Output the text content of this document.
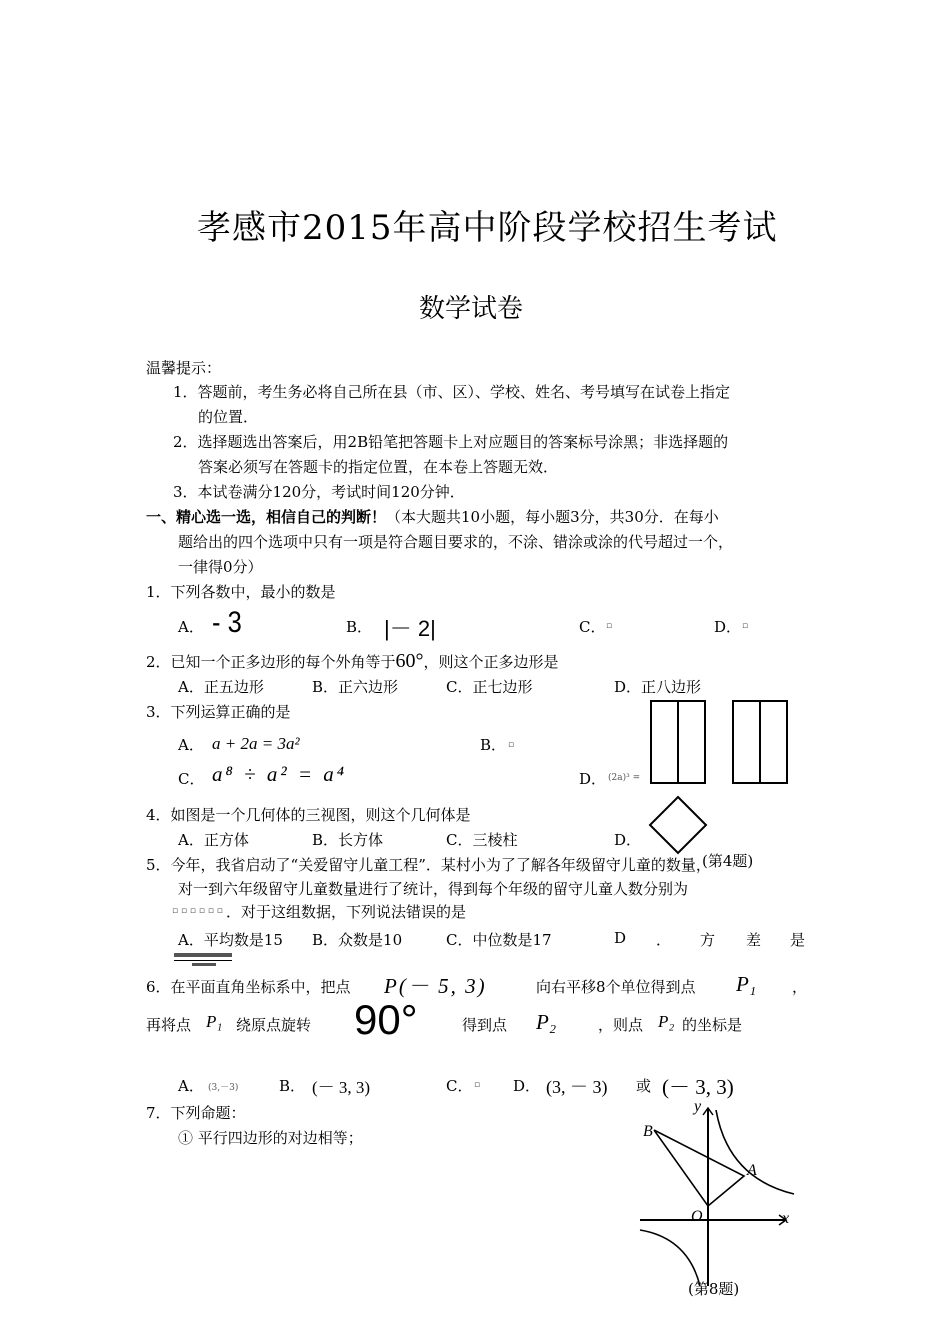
孝感市2015年高中阶段学校招生考试
数学试卷
温馨提示：
1．答题前，考生务必将自己所在县（市、区）、学校、姓名、考号填写在试卷上指定
的位置．
2．选择题选出答案后，用2B铅笔把答题卡上对应题目的答案标号涂黑；非选择题的
答案必须写在答题卡的指定位置，在本卷上答题无效．
3．本试卷满分120分，考试时间120分钟．
一、精心选一选，相信自己的判断！（本大题共10小题，每小题3分，共30分．在每小
题给出的四个选项中只有一项是符合题目要求的，不涂、错涂或涂的代号超过一个，
一律得0分）
1．下列各数中，最小的数是
A． - 3	B． |－ 2|	C． ▫	D． ▫
2．已知一个正多边形的每个外角等于60°，则这个正多边形是
A．正五边形	B．正六边形	C．正七边形	D．正八边形
3．下列运算正确的是
A． a + 2a = 3a²	B． ▫
C． a⁸ ÷ a² = a⁴	D． (2a)³ =
4．如图是一个几何体的三视图，则这个几何体是
A．正方体	B．长方体	C．三棱柱	D．
5．今年，我省启动了“关爱留守儿童工程”．某村小为了了解各年级留守儿童的数量，
(第4题)
对一到六年级留守儿童数量进行了统计，得到每个年级的留守儿童人数分别为
▫ ▫ ▫ ▫ ▫ ▫ ．对于这组数据，下列说法错误的是
A．平均数是15 B．众数是10	C．中位数是17	D ． 方 差 是
6．在平面直角坐标系中，把点 P(－ 5, 3)	向右平移8个单位得到点 P₁ ，
再将点 P₁ 绕原点旋转 90°	得到点 P₂	，则点 P₂ 的坐标是
A． (3,－3)	B． (－ 3, 3)	C． ▫ D． (3, － 3) 或 (－ 3, 3)
7．下列命题：
① 平行四边形的对边相等；	B
A
O	x
y
(第8题)
